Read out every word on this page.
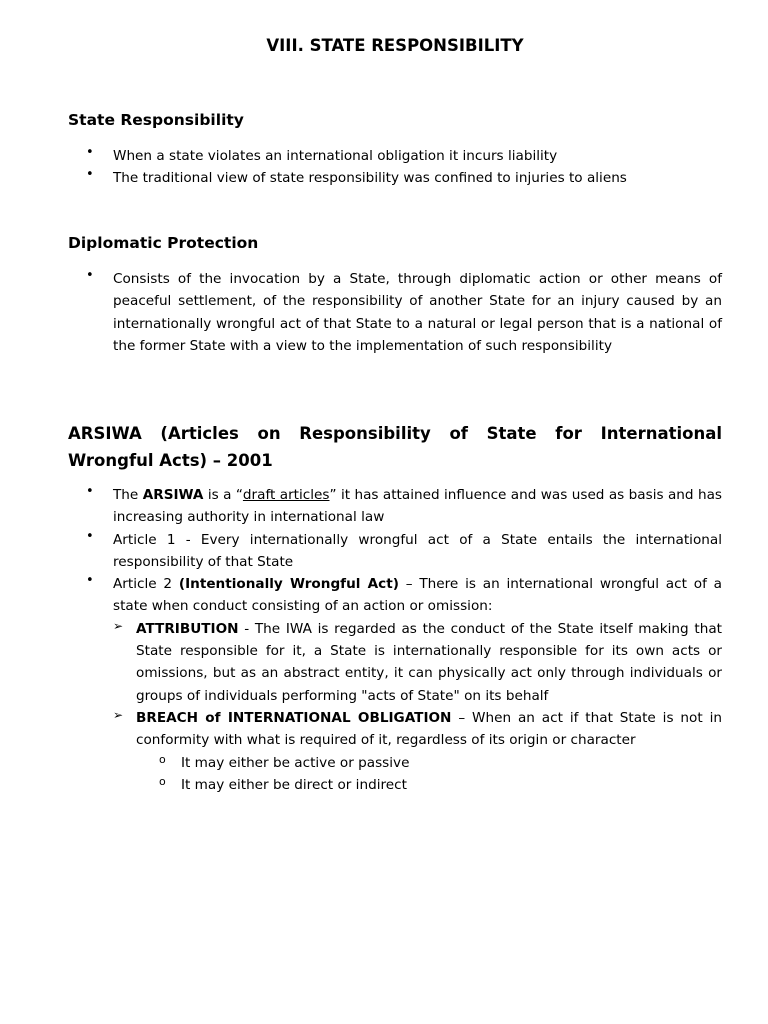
VIII. STATE RESPONSIBILITY
State Responsibility
• When a state violates an international obligation it incurs liability
• The traditional view of state responsibility was confined to injuries to aliens
Diplomatic Protection
• Consists of the invocation by a State, through diplomatic action or other means of peaceful settlement, of the responsibility of another State for an injury caused by an internationally wrongful act of that State to a natural or legal person that is a national of the former State with a view to the implementation of such responsibility
ARSIWA (Articles on Responsibility of State for International Wrongful Acts) – 2001
• The ARSIWA is a “draft articles” it has attained influence and was used as basis and has increasing authority in international law
• Article 1 - Every internationally wrongful act of a State entails the international responsibility of that State
• Article 2 (Intentionally Wrongful Act) – There is an international wrongful act of a state when conduct consisting of an action or omission:
➢ ATTRIBUTION - The IWA is regarded as the conduct of the State itself making that State responsible for it, a State is internationally responsible for its own acts or omissions, but as an abstract entity, it can physically act only through individuals or groups of individuals performing "acts of State" on its behalf
➢ BREACH of INTERNATIONAL OBLIGATION – When an act if that State is not in conformity with what is required of it, regardless of its origin or character
o It may either be active or passive
o It may either be direct or indirect
